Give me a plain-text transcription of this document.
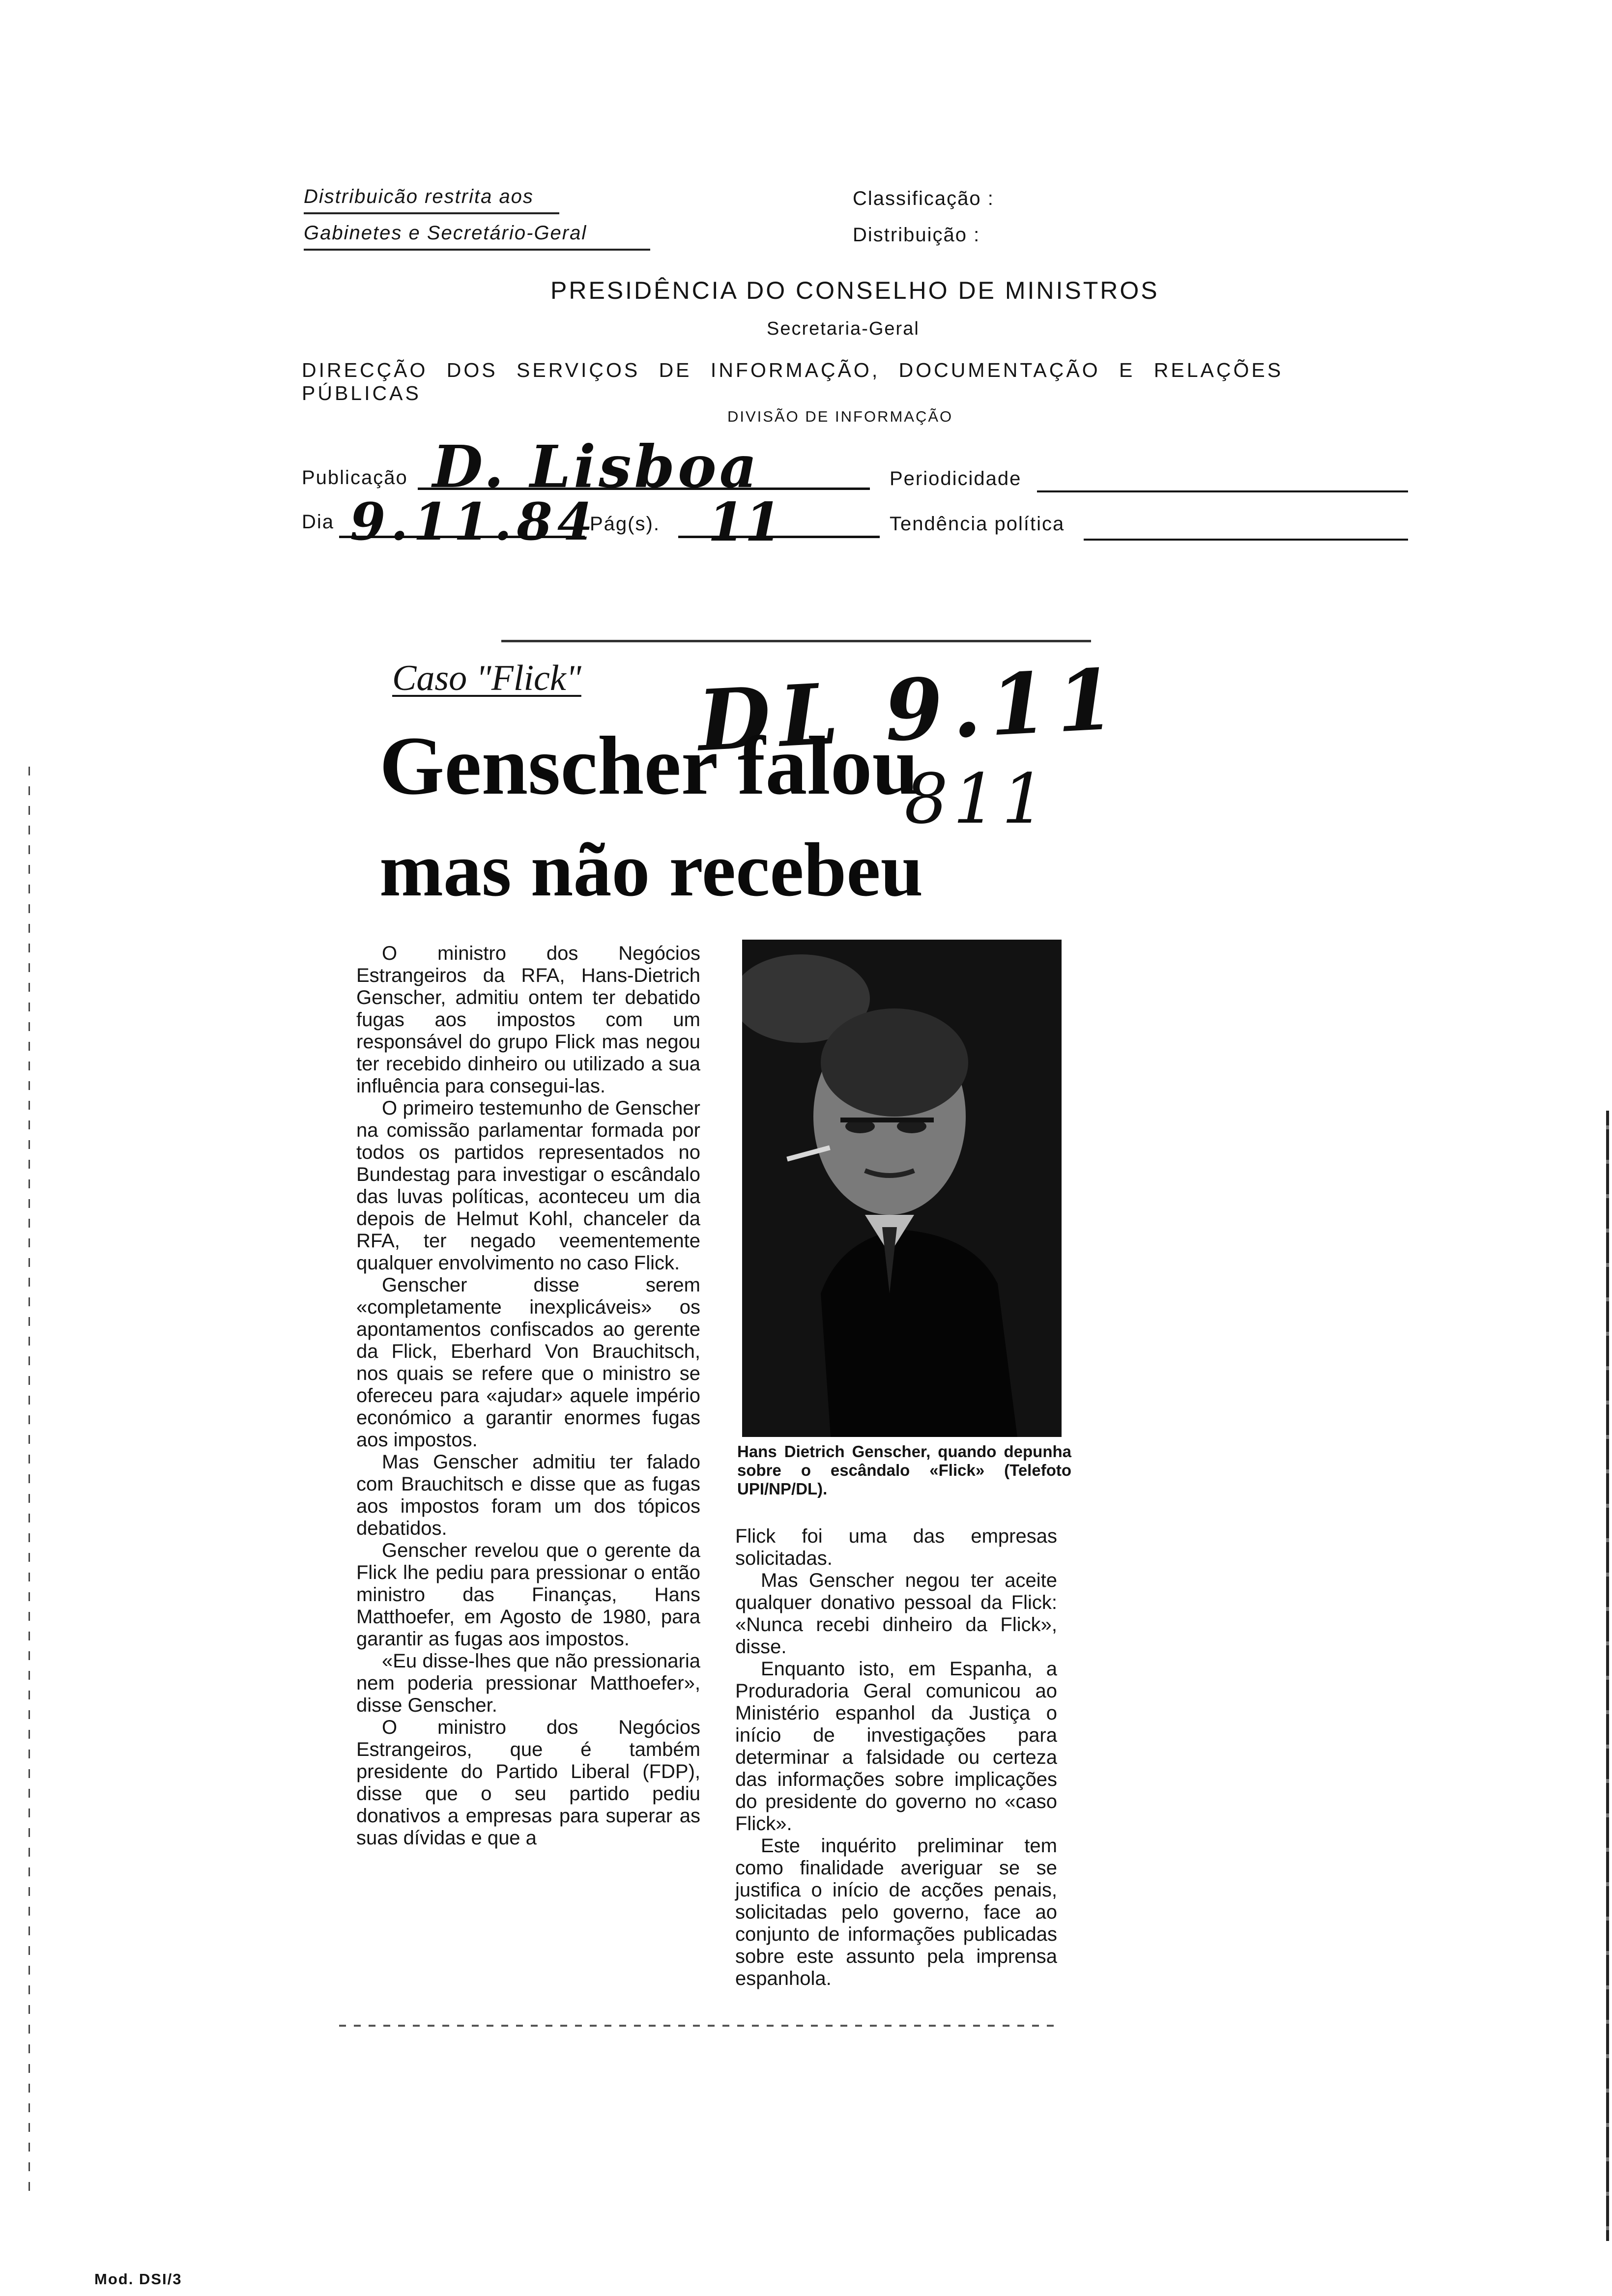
Distribuicão restrita aos
Gabinetes e Secretário-Geral
Classificação :
Distribuição :
PRESIDÊNCIA DO CONSELHO DE MINISTROS
Secretaria-Geral
DIRECÇÃO DOS SERVIÇOS DE INFORMAÇÃO, DOCUMENTAÇÃO E RELAÇÕES PÚBLICAS
DIVISÃO DE INFORMAÇÃO
Publicação D. Lisboa	Periodicidade
Dia 9.11.84
Pág(s). 11	Tendência política
DL 9.11
811
Caso "Flick"
Genscher falou
mas não recebeu

O ministro dos Negócios Estrangeiros da RFA, Hans-Dietrich Genscher, admitiu ontem ter debatido fugas aos impostos com um responsável do grupo Flick mas negou ter recebido dinheiro ou utilizado a sua influência para consegui-las.

O primeiro testemunho de Genscher na comissão parlamentar formada por todos os partidos representados no Bundestag para investigar o escândalo das luvas políticas, aconteceu um dia depois de Helmut Kohl, chanceler da RFA, ter negado veementemente qualquer envolvimento no caso Flick.

Genscher disse serem «completamente inexplicáveis» os apontamentos confiscados ao gerente da Flick, Eberhard Von Brauchitsch, nos quais se refere que o ministro se ofereceu para «ajudar» aquele império económico a garantir enormes fugas aos impostos.

Mas Genscher admitiu ter falado com Brauchitsch e disse que as fugas aos impostos foram um dos tópicos debatidos.

Genscher revelou que o gerente da Flick lhe pediu para pressionar o então ministro das Finanças, Hans Matthoefer, em Agosto de 1980, para garantir as fugas aos impostos.

«Eu disse-lhes que não pressionaria nem poderia pressionar Matthoefer», disse Genscher.

O ministro dos Negócios Estrangeiros, que é também presidente do Partido Liberal (FDP), disse que o seu partido pediu donativos a empresas para superar as suas dívidas e que a

Hans Dietrich Genscher, quando depunha sobre o escândalo «Flick» (Telefoto UPI/NP/DL).

Flick foi uma das empresas solicitadas.

Mas Genscher negou ter aceite qualquer donativo pessoal da Flick: «Nunca recebi dinheiro da Flick», disse.

Enquanto isto, em Espanha, a Produradoria Geral comunicou ao Ministério espanhol da Justiça o início de investigações para determinar a falsidade ou certeza das informações sobre implicações do presidente do governo no «caso Flick».

Este inquérito preliminar tem como finalidade averiguar se se justifica o início de acções penais, solicitadas pelo governo, face ao conjunto de informações publicadas sobre este assunto pela imprensa espanhola.

Mod. DSI/3
